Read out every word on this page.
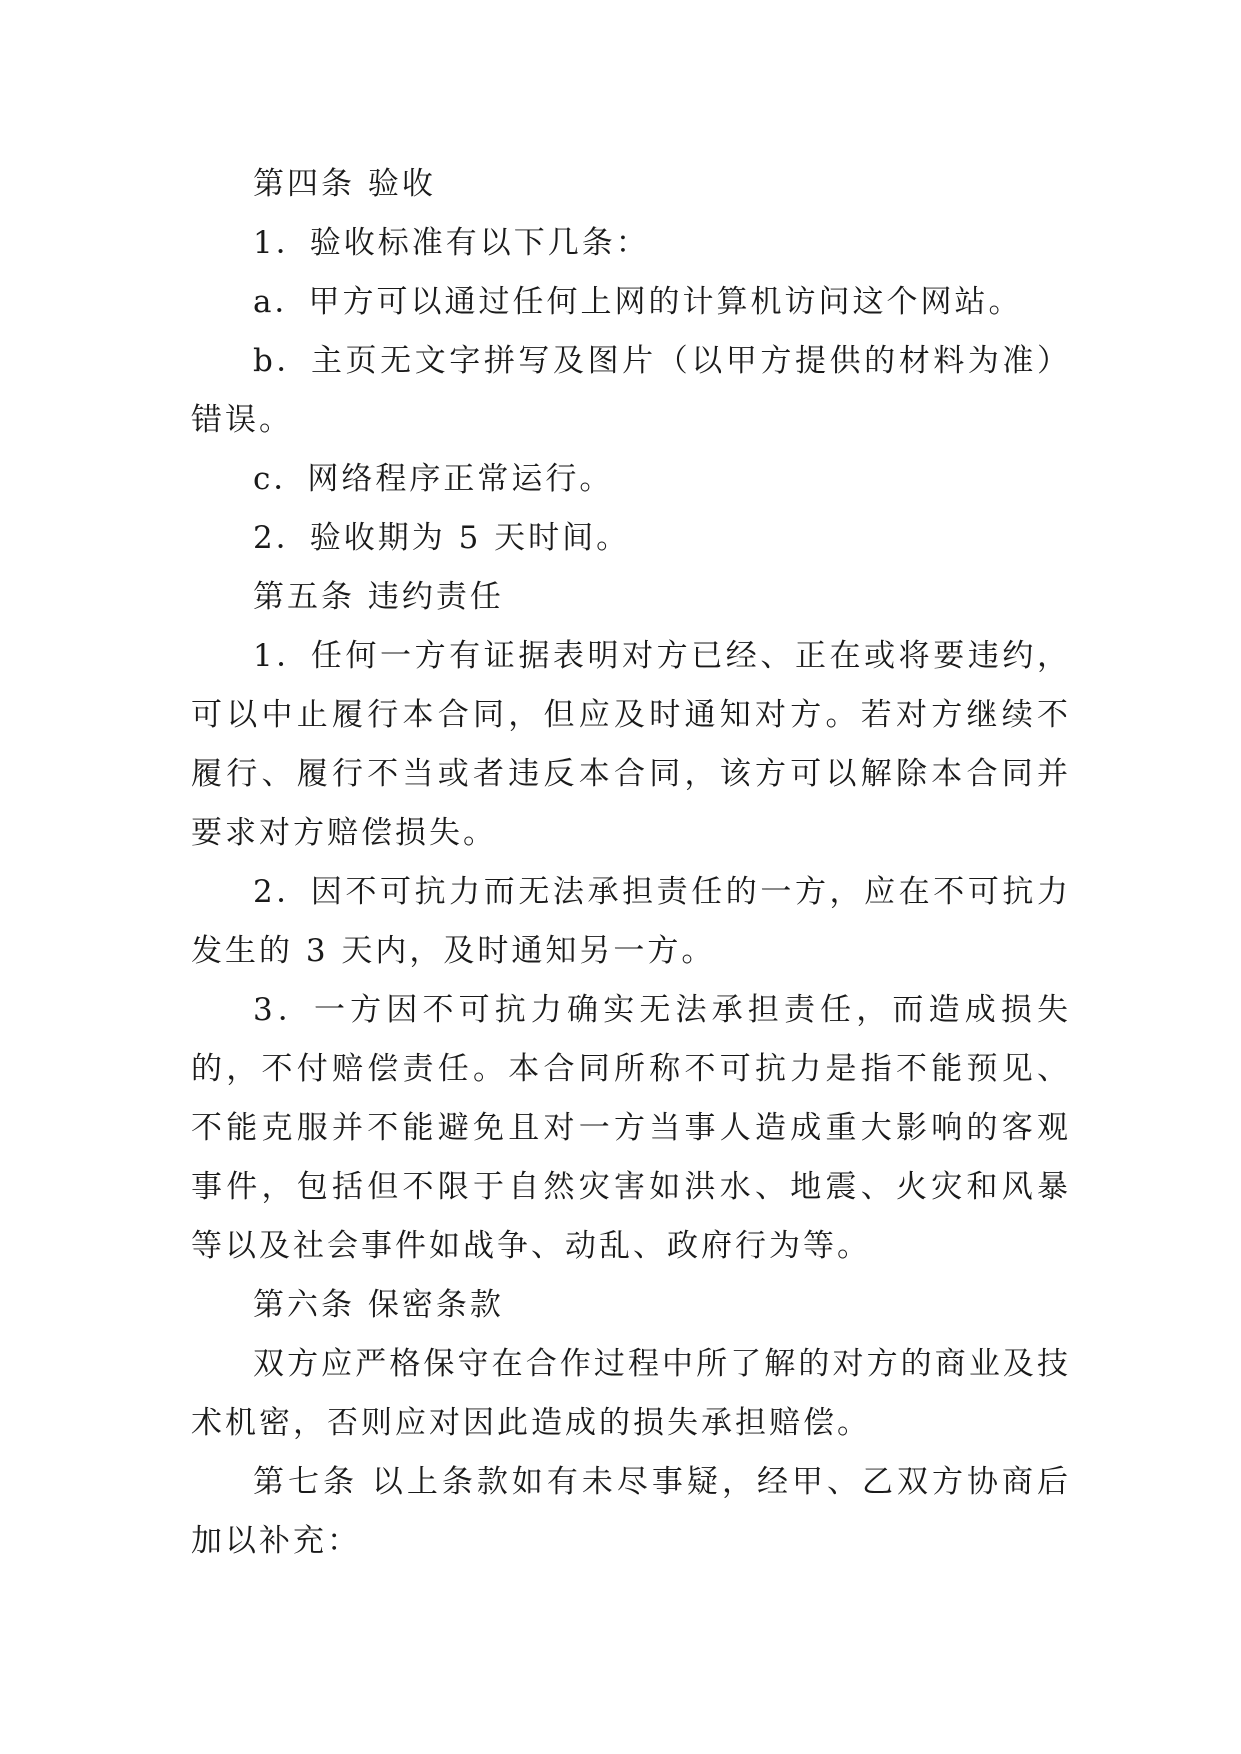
第四条 验收

1．验收标准有以下几条：

a．甲方可以通过任何上网的计算机访问这个网站。

b．主页无文字拼写及图片（以甲方提供的材料为准）错误。

c．网络程序正常运行。

2．验收期为 5 天时间。

第五条 违约责任

1．任何一方有证据表明对方已经、正在或将要违约，可以中止履行本合同，但应及时通知对方。若对方继续不履行、履行不当或者违反本合同，该方可以解除本合同并要求对方赔偿损失。

2．因不可抗力而无法承担责任的一方，应在不可抗力发生的 3 天内，及时通知另一方。

3．一方因不可抗力确实无法承担责任，而造成损失的，不付赔偿责任。本合同所称不可抗力是指不能预见、不能克服并不能避免且对一方当事人造成重大影响的客观事件，包括但不限于自然灾害如洪水、地震、火灾和风暴等以及社会事件如战争、动乱、政府行为等。

第六条 保密条款

双方应严格保守在合作过程中所了解的对方的商业及技术机密，否则应对因此造成的损失承担赔偿。

第七条 以上条款如有未尽事疑，经甲、乙双方协商后加以补充：
